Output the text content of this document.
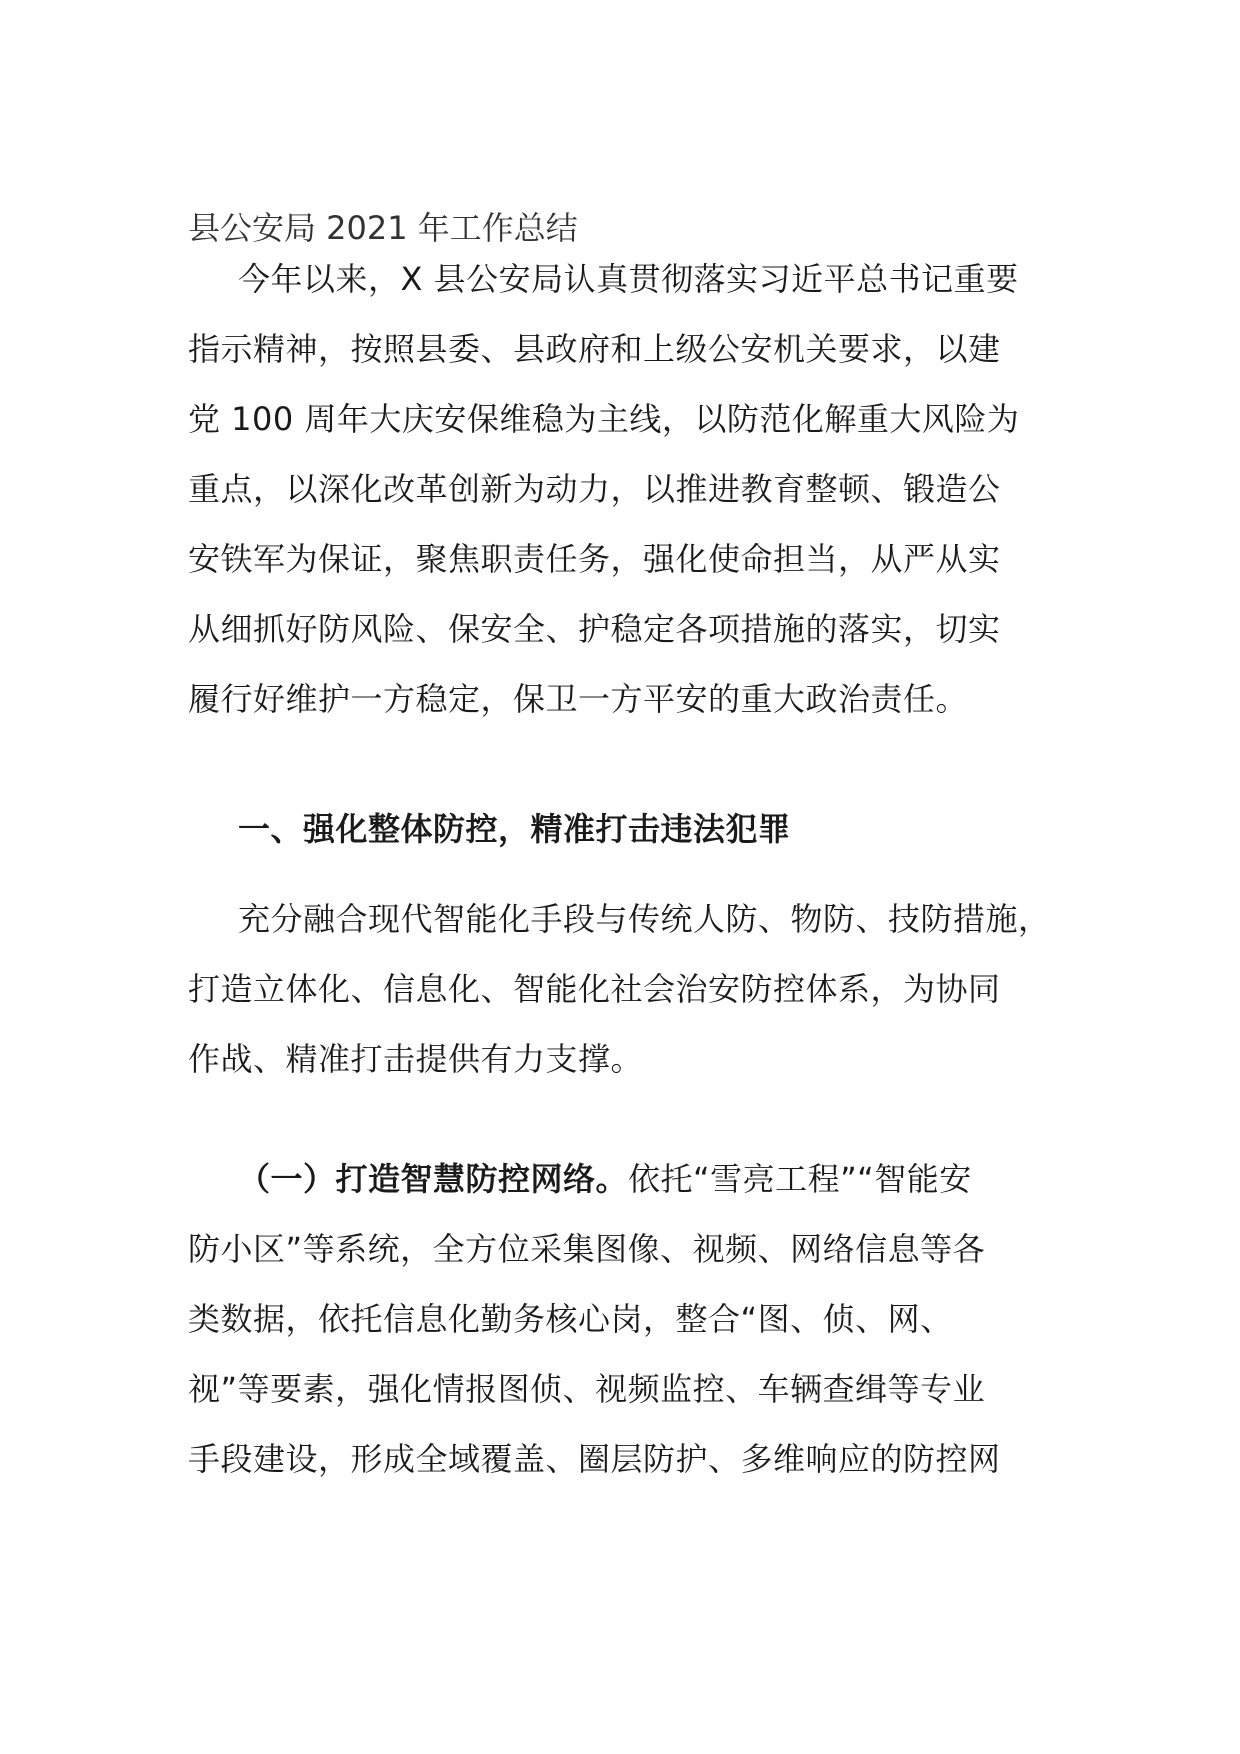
县公安局 2021 年工作总结
今年以来，X 县公安局认真贯彻落实习近平总书记重要
指示精神，按照县委、县政府和上级公安机关要求，以建
党 100 周年大庆安保维稳为主线，以防范化解重大风险为
重点，以深化改革创新为动力，以推进教育整顿、锻造公
安铁军为保证，聚焦职责任务，强化使命担当，从严从实
从细抓好防风险、保安全、护稳定各项措施的落实，切实
履行好维护一方稳定，保卫一方平安的重大政治责任。
一、强化整体防控，精准打击违法犯罪
充分融合现代智能化手段与传统人防、物防、技防措施，
打造立体化、信息化、智能化社会治安防控体系，为协同
作战、精准打击提供有力支撑。
（一）打造智慧防控网络。依托“雪亮工程”“智能安
防小区”等系统，全方位采集图像、视频、网络信息等各
类数据，依托信息化勤务核心岗，整合“图、侦、网、
视”等要素，强化情报图侦、视频监控、车辆查缉等专业
手段建设，形成全域覆盖、圈层防护、多维响应的防控网
